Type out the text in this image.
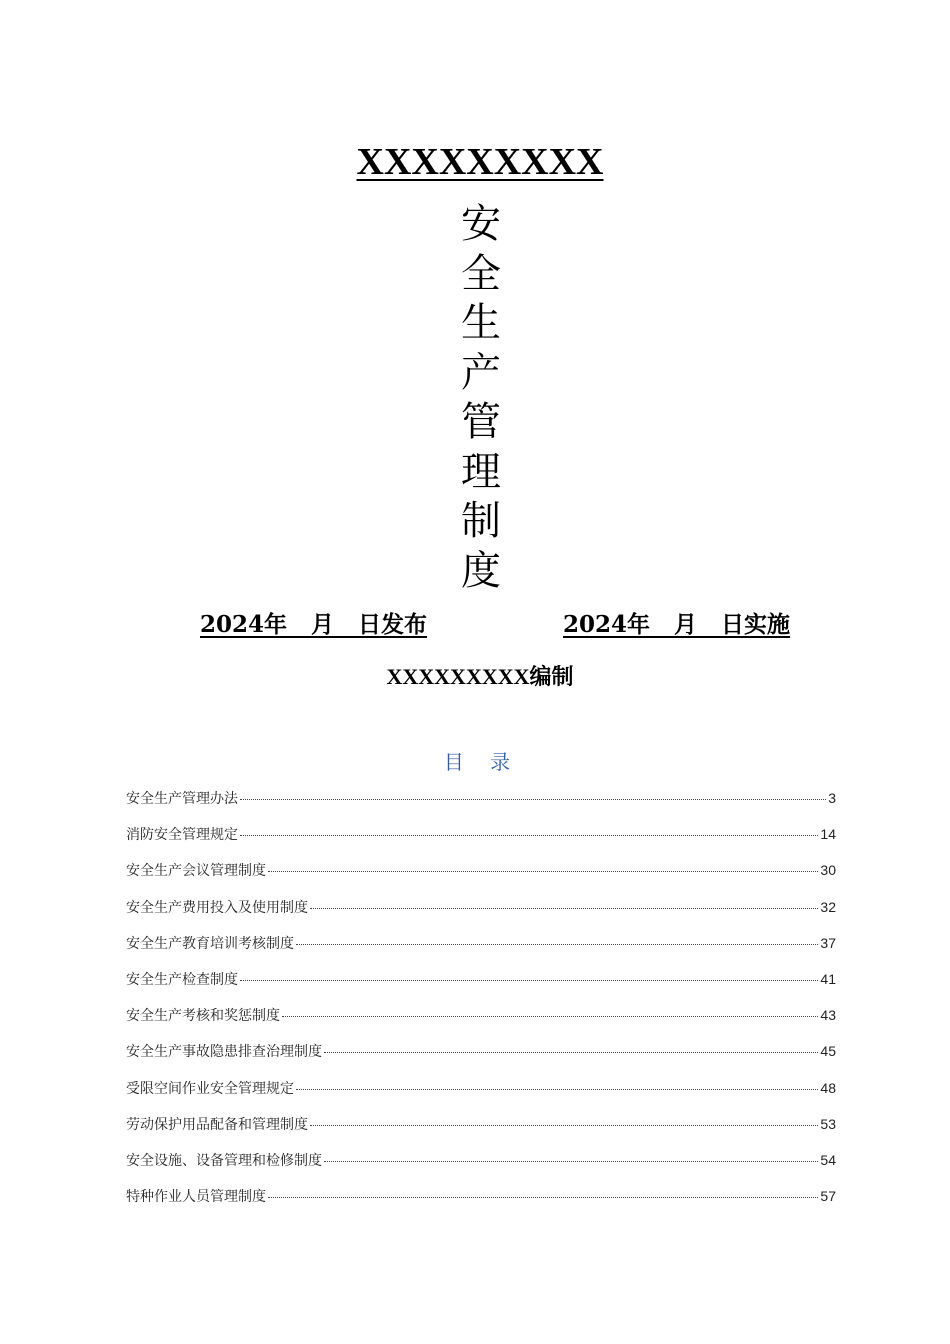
XXXXXXXXX
安
全
生
产
管
理
制
度
2024年   月   日发布	2024年   月   日实施
XXXXXXXXX编制
目 录
安全生产管理办法	3
消防安全管理规定	14
安全生产会议管理制度	30
安全生产费用投入及使用制度	32
安全生产教育培训考核制度	37
安全生产检查制度	41
安全生产考核和奖惩制度	43
安全生产事故隐患排查治理制度	45
受限空间作业安全管理规定	48
劳动保护用品配备和管理制度	53
安全设施、设备管理和检修制度	54
特种作业人员管理制度	57
